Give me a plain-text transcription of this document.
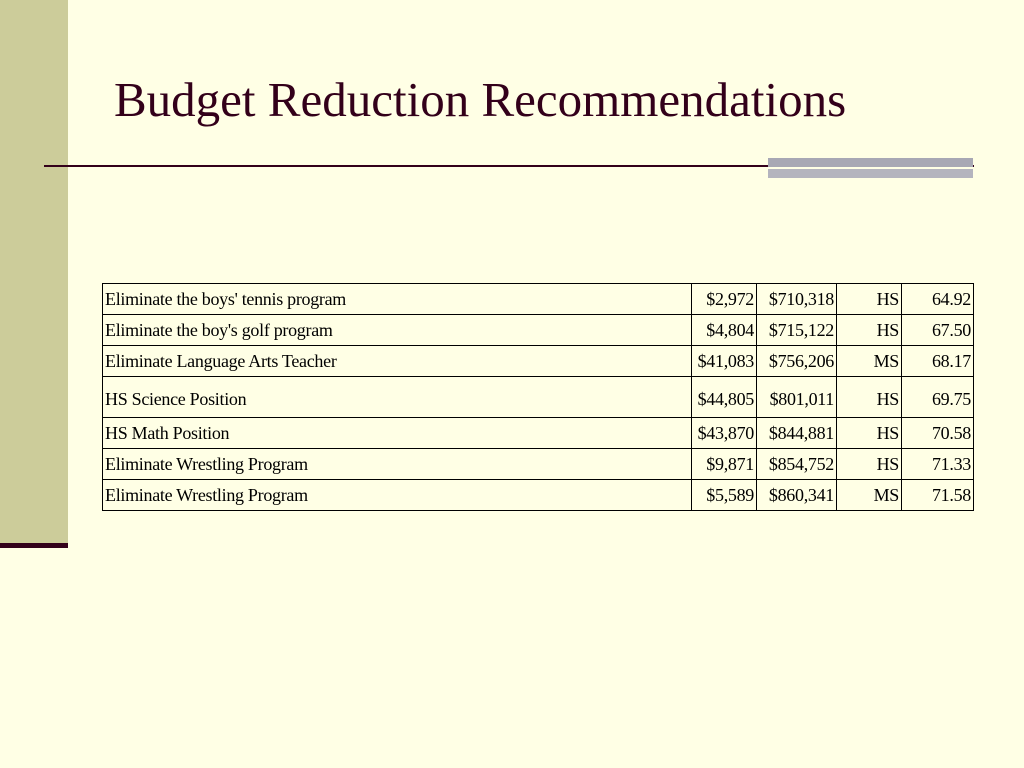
Budget Reduction Recommendations
Eliminate the boys' tennis program	$2,972	$710,318	HS	64.92
Eliminate the boy's golf program	$4,804	$715,122	HS	67.50
Eliminate Language Arts Teacher	$41,083	$756,206	MS	68.17
HS Science Position	$44,805	$801,011	HS	69.75
HS Math Position	$43,870	$844,881	HS	70.58
Eliminate Wrestling Program	$9,871	$854,752	HS	71.33
Eliminate Wrestling Program	$5,589	$860,341	MS	71.58
